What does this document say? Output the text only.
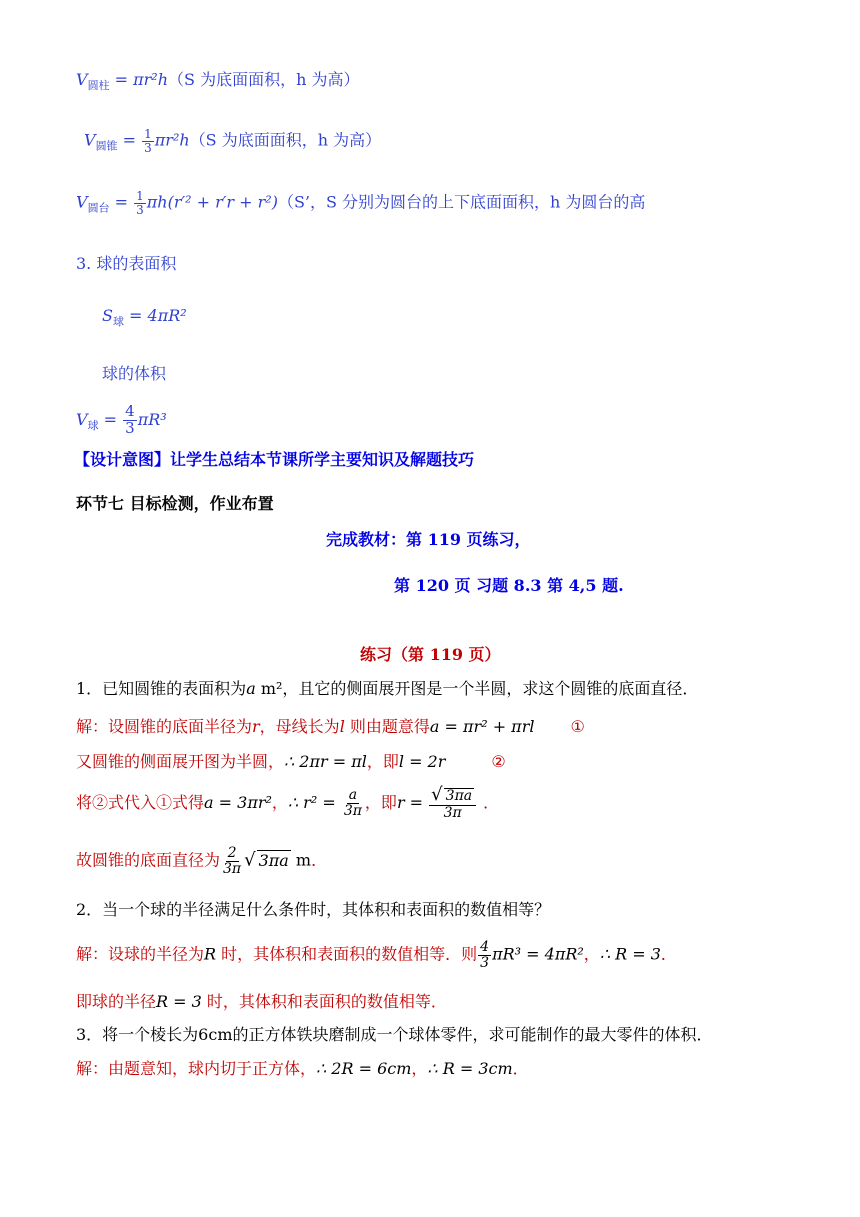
$V_{圆柱} = \pi r^2h(S$ 为底面面积，h 为高）
$V_{圆锥} = \frac{1}{3} \pi r^2h(S$ 为底面面积，h 为高）
$V_{圆台} = \frac{1}{3} \pi h(r'^2 + r'r + r^2)(S$’，S 分别为圆台的上下底面面积，h 为圆台的高
3. 球的表面积
$S_球 = 4\pi R^2$
球的体积
$V_球 = \frac{4}{3} \pi R^3$
【设计意图】让学生总结本节课所学主要知识及解题技巧
环节七 目标检测，作业布置
完成教材：第 119 页练习，
第 120 页 习题 8.3 第 4,5 题.
练习（第 119 页）
1．已知圆锥的表面积为a m²，且它的侧面展开图是一个半圆，求这个圆锥的底面直径．
解：设圆锥的底面半径为r，母线长为l 则由题意得a = πr² + πrl ①
又圆锥的侧面展开图为半圆，∴ 2πr = πl，即l = 2r	②
将②式代入①式得a = 3πr²，∴ $r^2 = \frac{a}{3\pi}$ ，即$r = \frac{√ 3\pi a}{3\pi}$ ．
故圆锥的底面直径为 $\frac{2}{3\pi}$ √ 3πa m．
2．当一个球的半径满足什么条件时，其体积和表面积的数值相等？
解：设球的半径为R 时，其体积和表面积的数值相等．则 $\frac{4}{3} \pi R^3 = 4\pi R^2$，∴ R = 3．
即球的半径R = 3 时，其体积和表面积的数值相等．
3．将一个棱长为6cm的正方体铁块磨制成一个球体零件，求可能制作的最大零件的体积．
解：由题意知，球内切于正方体，∴ 2R = 6cm，∴ R = 3cm．
